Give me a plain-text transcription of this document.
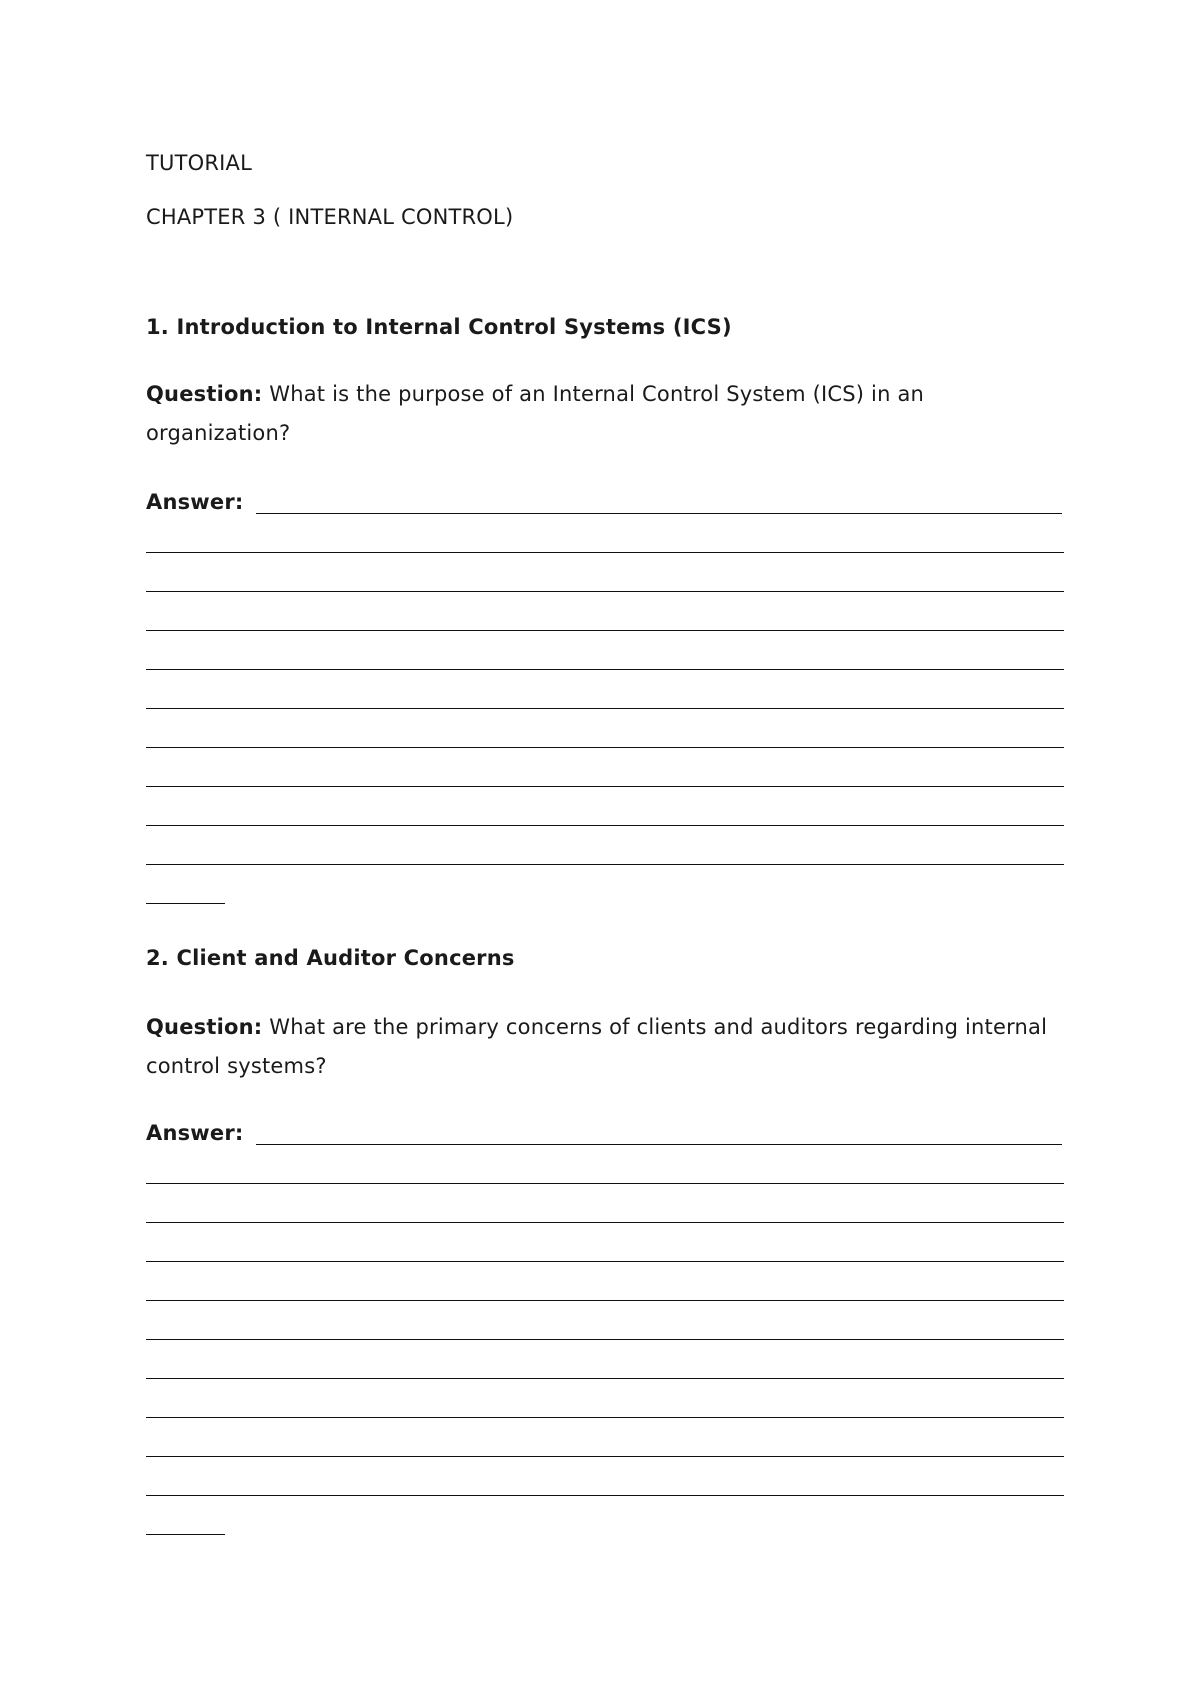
TUTORIAL
CHAPTER 3 ( INTERNAL CONTROL)
1. Introduction to Internal Control Systems (ICS)
Question: What is the purpose of an Internal Control System (ICS) in an organization?
Answer:
2. Client and Auditor Concerns
Question: What are the primary concerns of clients and auditors regarding internal control systems?
Answer:
